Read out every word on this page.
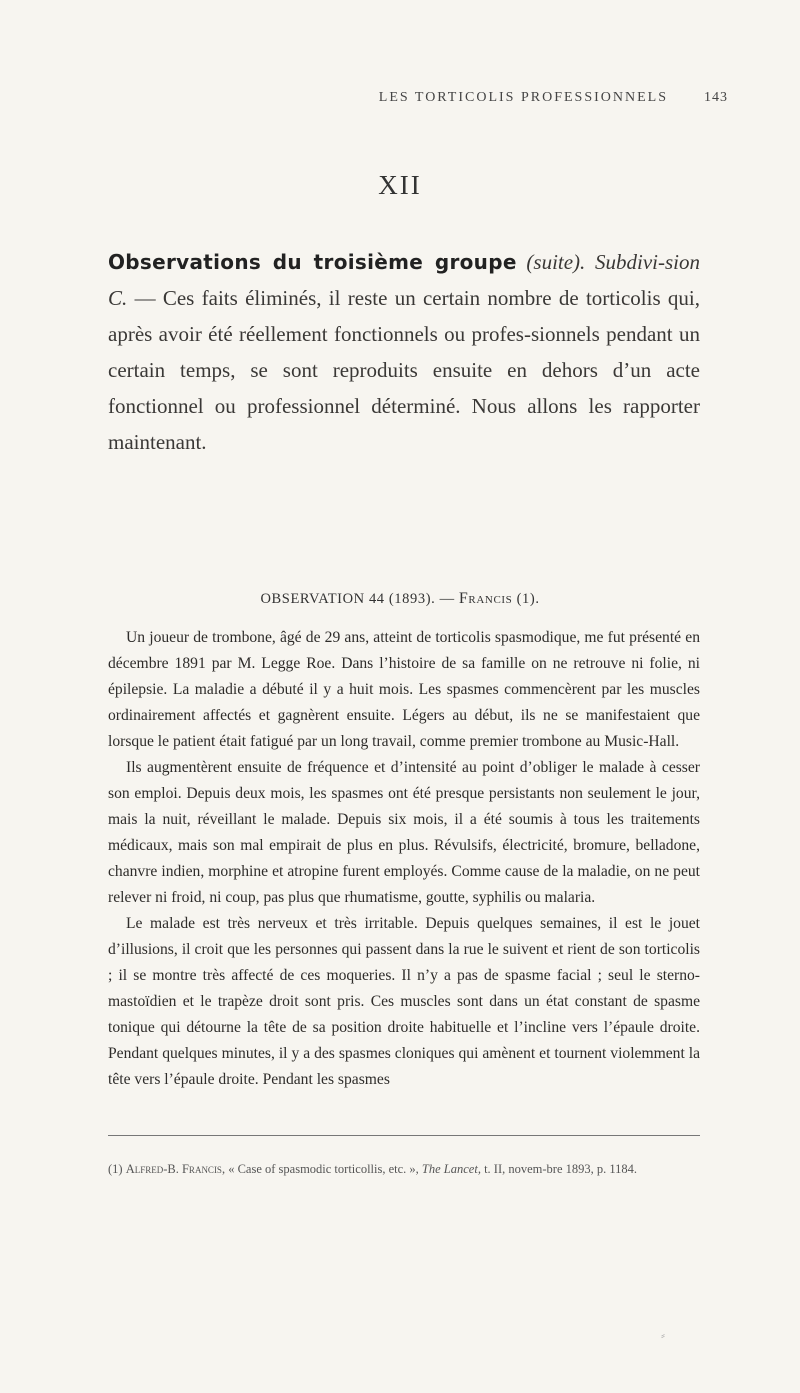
LES TORTICOLIS PROFESSIONNELS	143
XII
Observations du troisième groupe (suite). Subdivi-sion C. — Ces faits éliminés, il reste un certain nombre de torticolis qui, après avoir été réellement fonctionnels ou profes-sionnels pendant un certain temps, se sont reproduits ensuite en dehors d’un acte fonctionnel ou professionnel déterminé. Nous allons les rapporter maintenant.
OBSERVATION 44 (1893). — Francis (1).

Un joueur de trombone, âgé de 29 ans, atteint de torticolis spasmodique, me fut présenté en décembre 1891 par M. Legge Roe. Dans l’histoire de sa famille on ne retrouve ni folie, ni épilepsie. La maladie a débuté il y a huit mois. Les spasmes commencèrent par les muscles ordinairement affectés et gagnèrent ensuite. Légers au début, ils ne se manifestaient que lorsque le patient était fatigué par un long travail, comme premier trombone au Music-Hall.

Ils augmentèrent ensuite de fréquence et d’intensité au point d’obliger le malade à cesser son emploi. Depuis deux mois, les spasmes ont été presque persistants non seulement le jour, mais la nuit, réveillant le malade. Depuis six mois, il a été soumis à tous les traitements médicaux, mais son mal empirait de plus en plus. Révulsifs, électricité, bromure, belladone, chanvre indien, morphine et atropine furent employés. Comme cause de la maladie, on ne peut relever ni froid, ni coup, pas plus que rhumatisme, goutte, syphilis ou malaria.

Le malade est très nerveux et très irritable. Depuis quelques semaines, il est le jouet d’illusions, il croit que les personnes qui passent dans la rue le suivent et rient de son torticolis ; il se montre très affecté de ces moqueries. Il n’y a pas de spasme facial ; seul le sterno-mastoïdien et le trapèze droit sont pris. Ces muscles sont dans un état constant de spasme tonique qui détourne la tête de sa position droite habituelle et l’incline vers l’épaule droite. Pendant quelques minutes, il y a des spasmes cloniques qui amènent et tournent violemment la tête vers l’épaule droite. Pendant les spasmes

(1) Alfred-B. Francis, « Case of spasmodic torticollis, etc. », The Lancet, t. II, novem-bre 1893, p. 1184.
⸗
